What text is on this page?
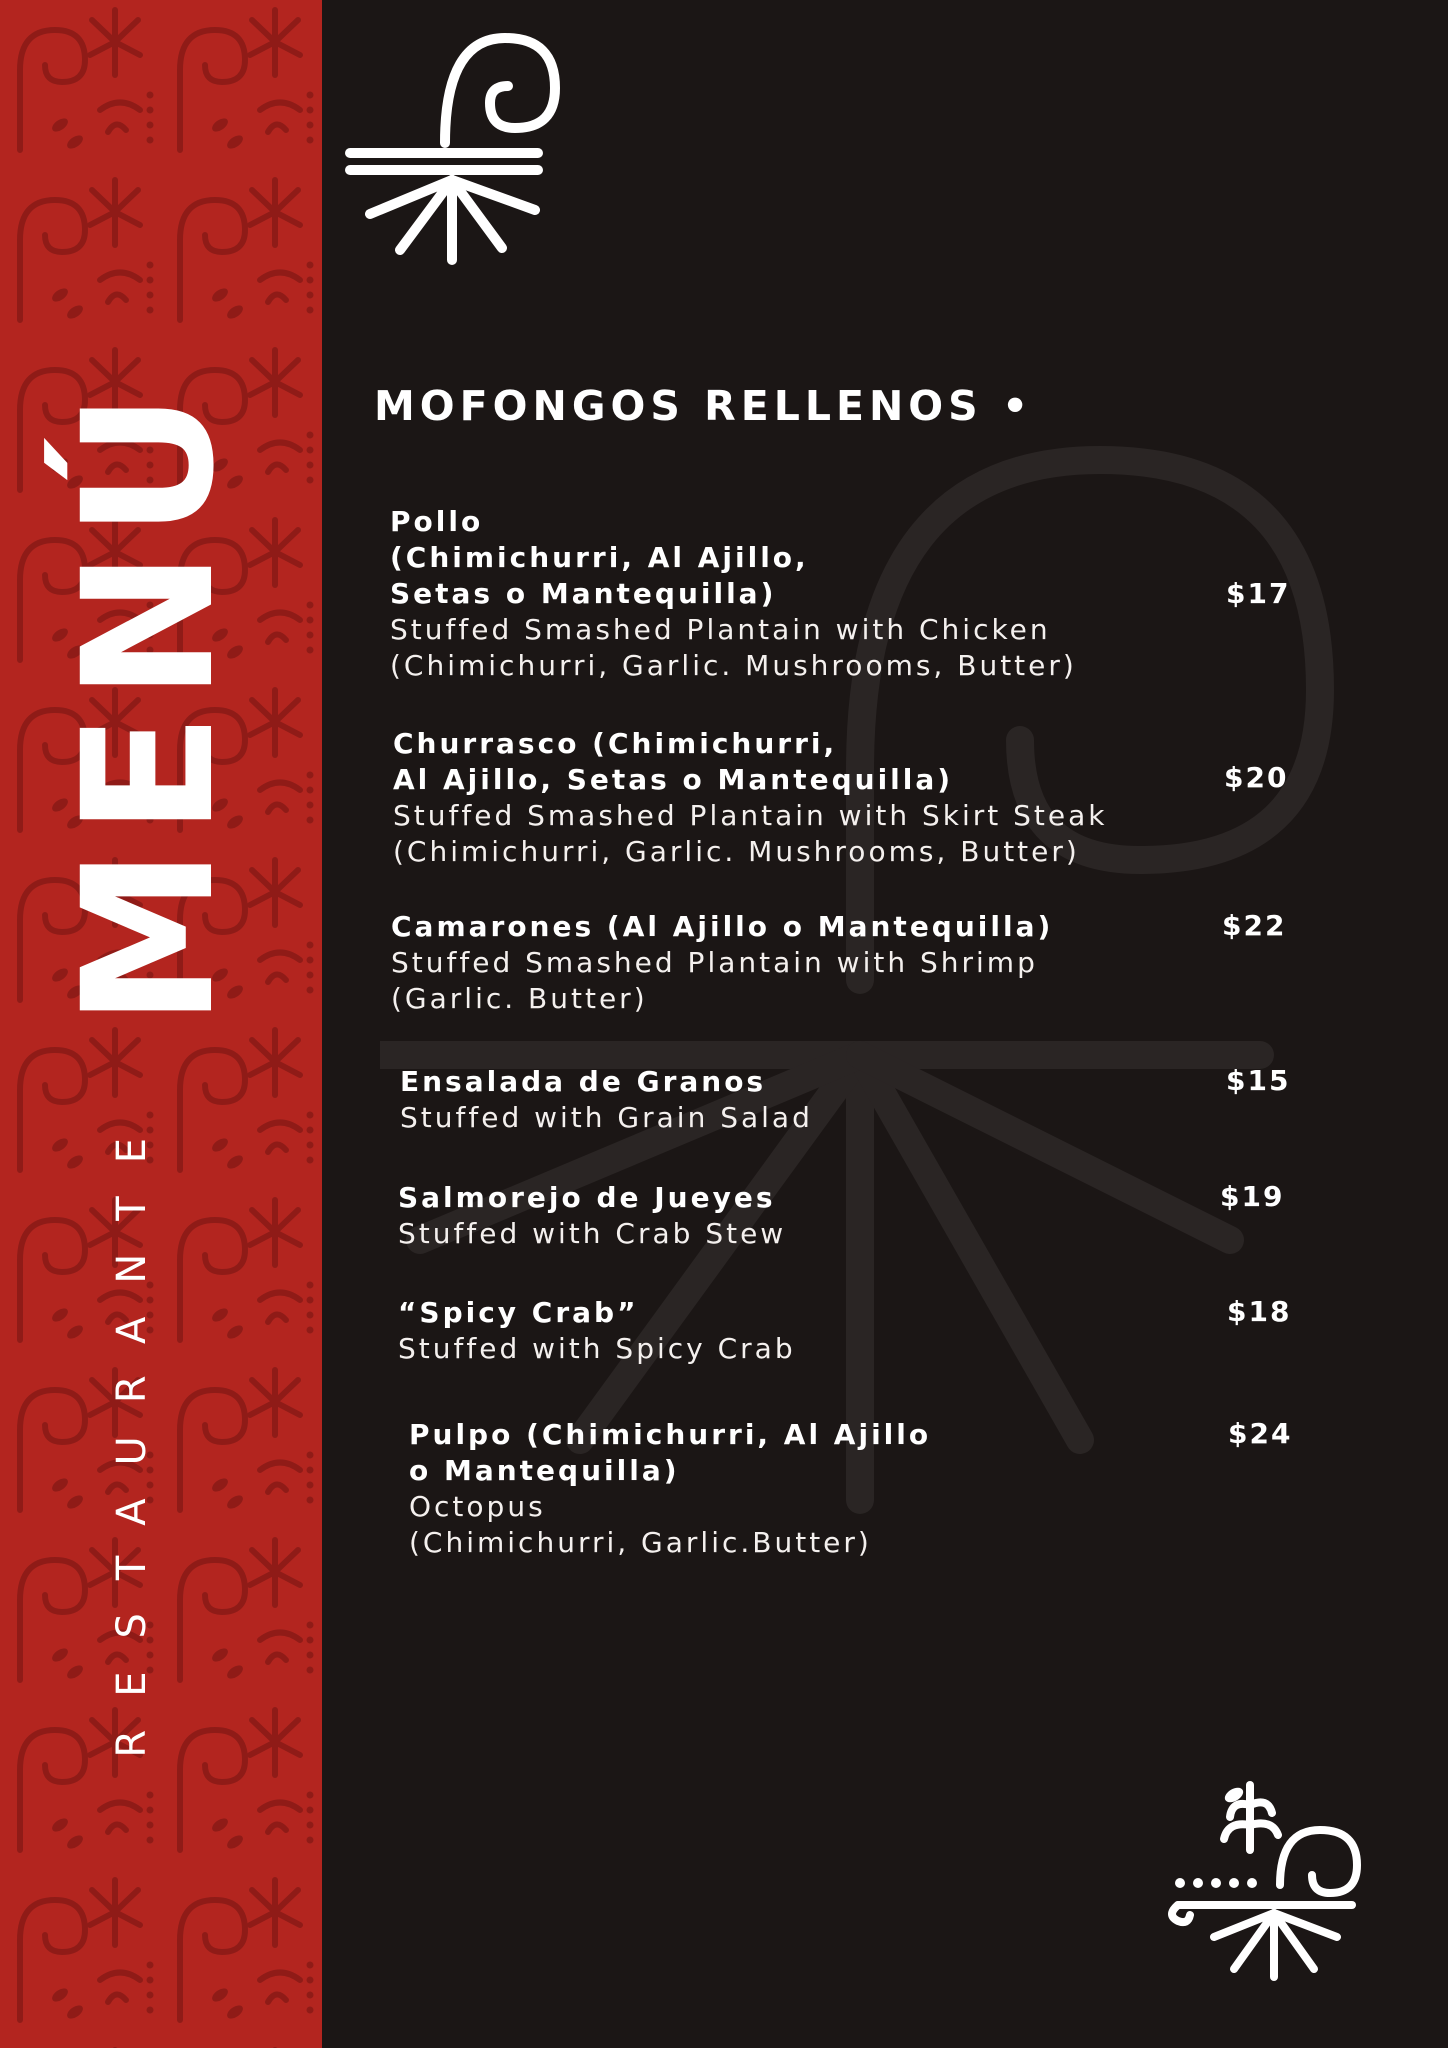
MENÚ
RESTAURANTE
MOFONGOS RELLENOS •
Pollo
(Chimichurri, Al Ajillo,
Setas o Mantequilla)
Stuffed Smashed Plantain with Chicken
(Chimichurri, Garlic. Mushrooms, Butter)
$17
Churrasco (Chimichurri,
Al Ajillo, Setas o Mantequilla)
Stuffed Smashed Plantain with Skirt Steak
(Chimichurri, Garlic. Mushrooms, Butter)
$20
Camarones (Al Ajillo o Mantequilla)
Stuffed Smashed Plantain with Shrimp
(Garlic. Butter)
$22
Ensalada de Granos
Stuffed with Grain Salad
$15
Salmorejo de Jueyes
Stuffed with Crab Stew
$19
“Spicy Crab”
Stuffed with Spicy Crab
$18
Pulpo (Chimichurri, Al Ajillo
o Mantequilla)
Octopus
(Chimichurri, Garlic.Butter)
$24
